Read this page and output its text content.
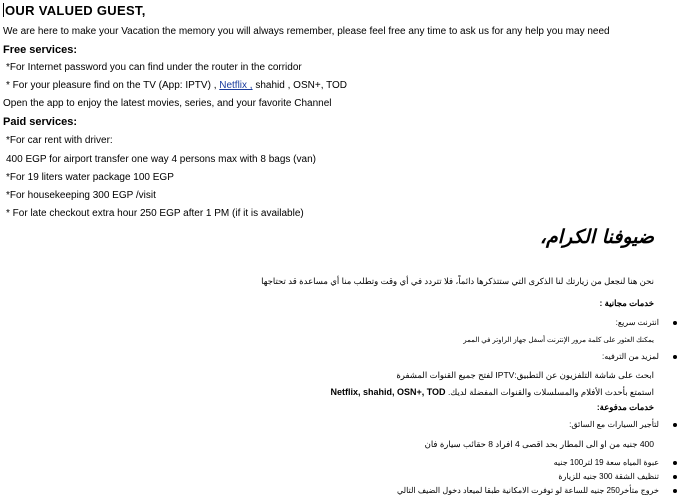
OUR VALUED GUEST,
We are here to make your Vacation the memory you will always remember, please feel free any time to ask us for any help you may need
Free services:
*For Internet password you can find under the router in the corridor
* For your pleasure find on the TV (App: IPTV) , Netflix , shahid , OSN+, TOD
Open the app to enjoy the latest movies, series, and your favorite Channel
Paid services:
*For car rent with driver:
400 EGP for airport transfer one way 4 persons max with 8 bags (van)
*For 19 liters water package 100 EGP
*For housekeeping 300 EGP /visit
* For late checkout extra hour 250 EGP after 1 PM (if it is available)
ضيوفنا الكرام،
نحن هنا لنجعل من زيارتك لنا الذكرى التي ستتذكرها دائماً، فلا تتردد في أي وقت وتطلب منا أي مساعدة قد تحتاجها
خدمات مجانية :
انترنت سريع:
يمكنك العثور على كلمة مرور الإنترنت أسفل جهاز الراوتر في الممر
لمزيد من الترفيه:
ابحث على شاشة التلفزيون عن التطبيق:IPTV لفتح جميع القنوات المشفرة
استمتع بأحدث الأفلام والمسلسلات والقنوات المفضلة لديك. Netflix, shahid, OSN+, TOD
خدمات مدفوعة:
لتأجير السيارات مع السائق:
400 جنيه من او الى المطار بحد اقصى 4 افراد 8 حقائب سيارة فان
عبوة المياه سعة 19 لتر100 جنيه
تنظيف الشقة 300 جنيه للزيارة
خروج متأخر250 جنيه للساعة لو توفرت الامكانية طبقا لميعاد دخول الضيف التالي
